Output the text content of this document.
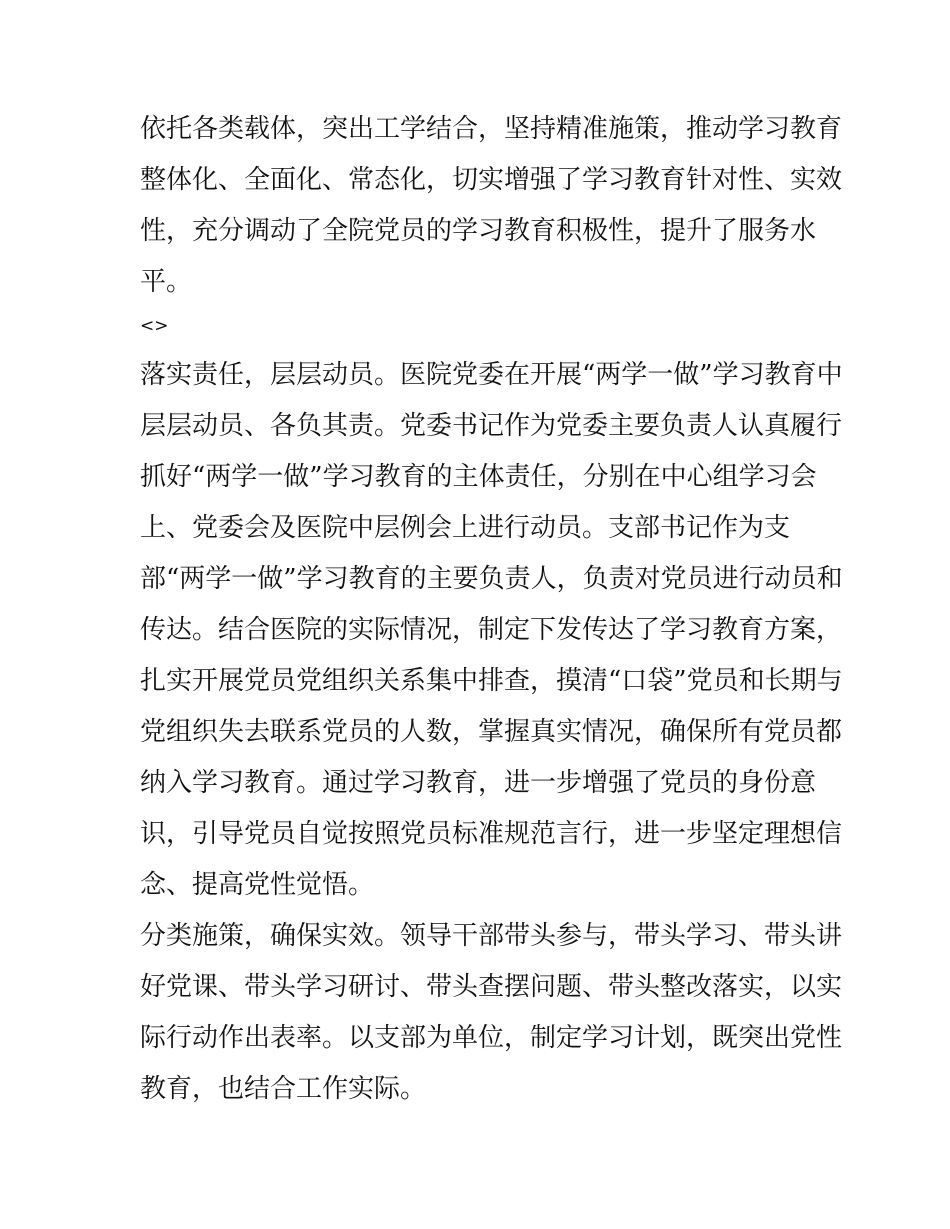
依托各类载体，突出工学结合，坚持精准施策，推动学习教育
整体化、全面化、常态化，切实增强了学习教育针对性、实效
性，充分调动了全院党员的学习教育积极性，提升了服务水
平。
<>
落实责任，层层动员。医院党委在开展“两学一做”学习教育中
层层动员、各负其责。党委书记作为党委主要负责人认真履行
抓好“两学一做”学习教育的主体责任，分别在中心组学习会
上、党委会及医院中层例会上进行动员。支部书记作为支
部“两学一做”学习教育的主要负责人，负责对党员进行动员和
传达。结合医院的实际情况，制定下发传达了学习教育方案，
扎实开展党员党组织关系集中排查，摸清“口袋”党员和长期与
党组织失去联系党员的人数，掌握真实情况，确保所有党员都
纳入学习教育。通过学习教育，进一步增强了党员的身份意
识，引导党员自觉按照党员标准规范言行，进一步坚定理想信
念、提高党性觉悟。
分类施策，确保实效。领导干部带头参与，带头学习、带头讲
好党课、带头学习研讨、带头查摆问题、带头整改落实，以实
际行动作出表率。以支部为单位，制定学习计划，既突出党性
教育，也结合工作实际。
